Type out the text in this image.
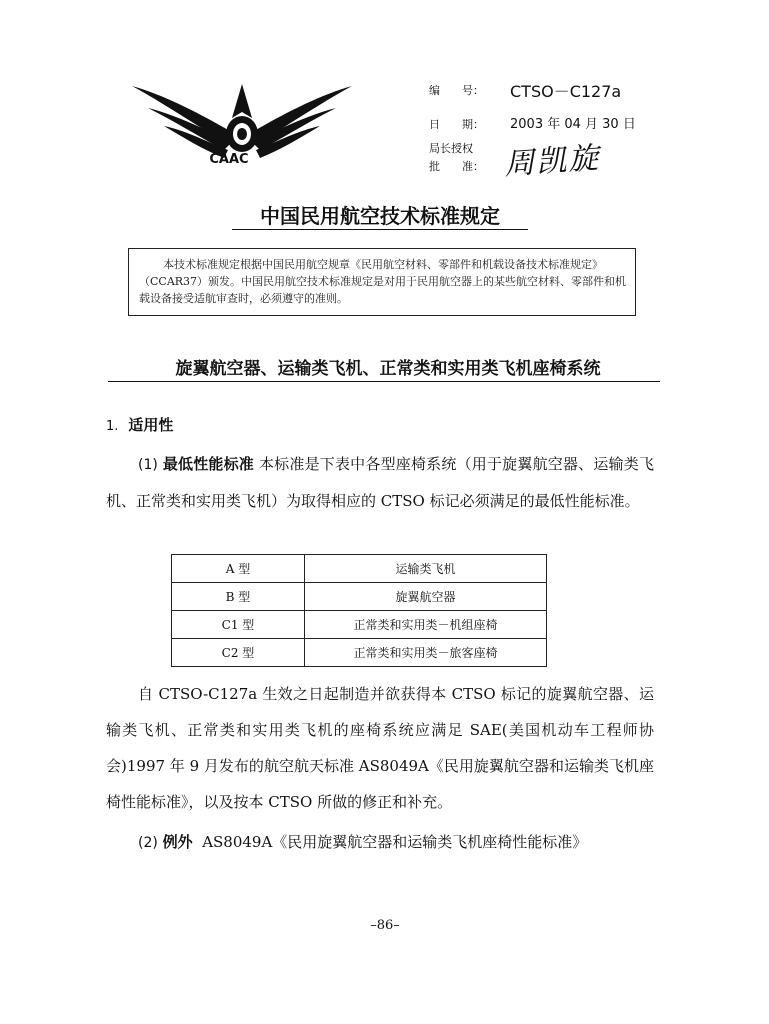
CAAC
编　　号： CTSO－C127a
日　　期： 2003 年 04 月 30 日
局长授权
批　　准： 周凯旋
中国民用航空技术标准规定
本技术标准规定根据中国民用航空规章《民用航空材料、零部件和机载设备技术标准规定》（CCAR37）颁发。中国民用航空技术标准规定是对用于民用航空器上的某些航空材料、零部件和机载设备接受适航审查时，必须遵守的准则。
旋翼航空器、运输类飞机、正常类和实用类飞机座椅系统
1. 适用性
(1) 最低性能标准 本标准是下表中各型座椅系统（用于旋翼航空器、运输类飞机、正常类和实用类飞机）为取得相应的 CTSO 标记必须满足的最低性能标准。
A 型	运输类飞机
B 型	旋翼航空器
C1 型	正常类和实用类－机组座椅
C2 型	正常类和实用类－旅客座椅
自 CTSO-C127a 生效之日起制造并欲获得本 CTSO 标记的旋翼航空器、运输类飞机、正常类和实用类飞机的座椅系统应满足 SAE(美国机动车工程师协会)1997 年 9 月发布的航空航天标准 AS8049A《民用旋翼航空器和运输类飞机座椅性能标准》，以及按本 CTSO 所做的修正和补充。
(2) 例外 AS8049A《民用旋翼航空器和运输类飞机座椅性能标准》
–86–
